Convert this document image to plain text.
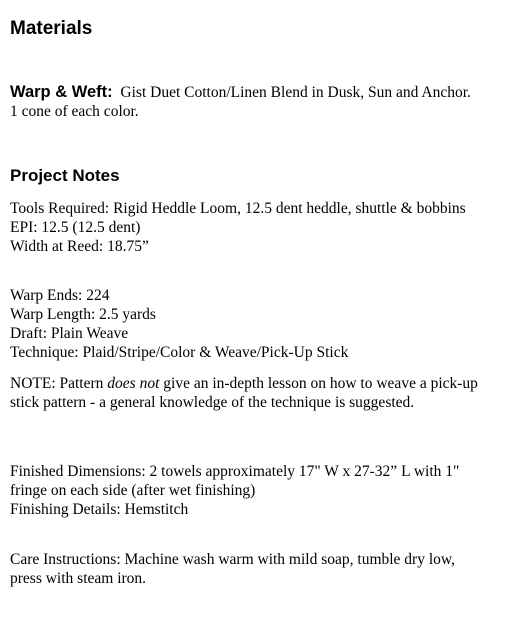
Materials

Warp & Weft: Gist Duet Cotton/Linen Blend in Dusk, Sun and Anchor. 1 cone of each color.

Project Notes
Tools Required: Rigid Heddle Loom, 12.5 dent heddle, shuttle & bobbins
EPI: 12.5 (12.5 dent)
Width at Reed: 18.75”
Warp Ends: 224
Warp Length: 2.5 yards
Draft: Plain Weave
Technique: Plaid/Stripe/Color & Weave/Pick-Up Stick

NOTE: Pattern does not give an in-depth lesson on how to weave a pick-up stick pattern - a general knowledge of the technique is suggested.

Finished Dimensions: 2 towels approximately 17" W x 27-32” L with 1" fringe on each side (after wet finishing)
Finishing Details: Hemstitch

Care Instructions: Machine wash warm with mild soap, tumble dry low, press with steam iron.
